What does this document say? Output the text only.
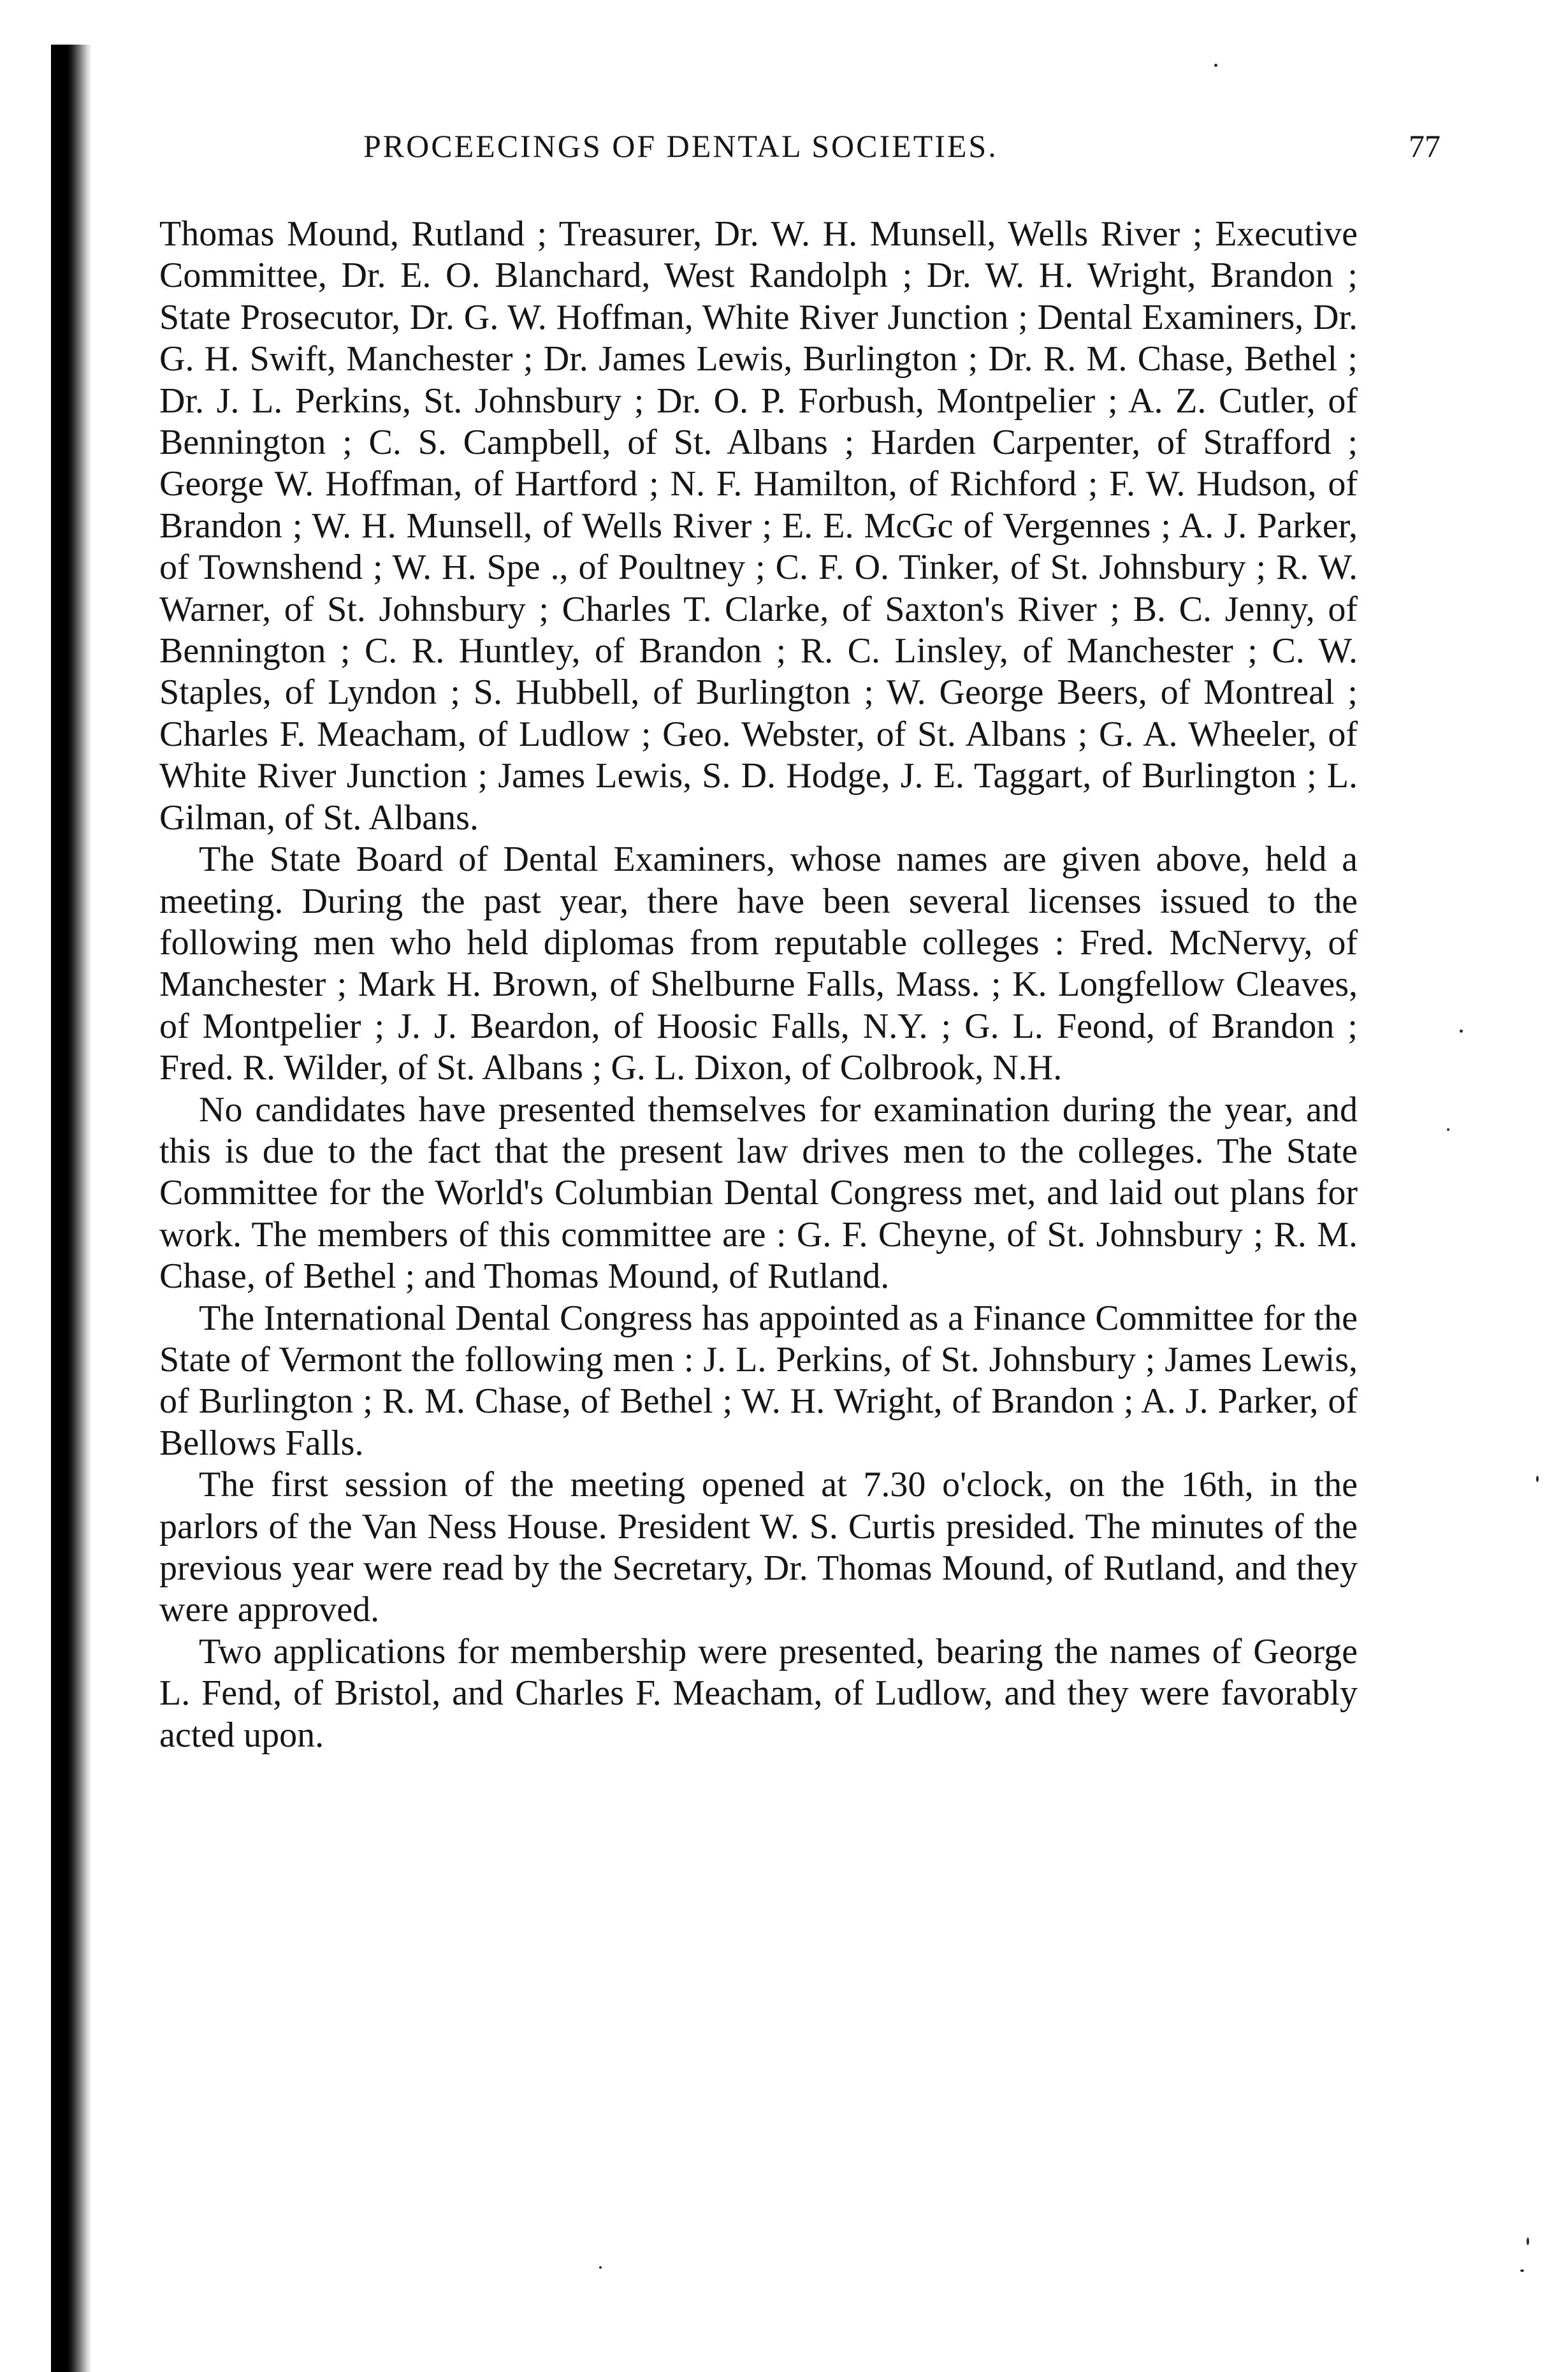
PROCEECINGS OF DENTAL SOCIETIES.	77

Thomas Mound, Rutland ; Treasurer, Dr. W. H. Munsell, Wells River ; Executive Committee, Dr. E. O. Blanchard, West Randolph ; Dr. W. H. Wright, Brandon ; State Prosecutor, Dr. G. W. Hoffman, White River Junction ; Dental Examiners, Dr. G. H. Swift, Manchester ; Dr. James Lewis, Burlington ; Dr. R. M. Chase, Bethel ; Dr. J. L. Perkins, St. Johnsbury ; Dr. O. P. Forbush, Montpelier ; A. Z. Cutler, of Bennington ; C. S. Campbell, of St. Albans ; Harden Carpenter, of Strafford ; George W. Hoffman, of Hartford ; N. F. Hamilton, of Richford ; F. W. Hudson, of Brandon ; W. H. Munsell, of Wells River ; E. E. McGc of Vergennes ; A. J. Parker, of Townshend ; W. H. Spe ., of Poultney ; C. F. O. Tinker, of St. Johnsbury ; R. W. Warner, of St. Johnsbury ; Charles T. Clarke, of Saxton's River ; B. C. Jenny, of Bennington ; C. R. Huntley, of Brandon ; R. C. Linsley, of Manchester ; C. W. Staples, of Lyndon ; S. Hubbell, of Burlington ; W. George Beers, of Montreal ; Charles F. Meacham, of Ludlow ; Geo. Webster, of St. Albans ; G. A. Wheeler, of White River Junction ; James Lewis, S. D. Hodge, J. E. Taggart, of Burlington ; L. Gilman, of St. Albans.

The State Board of Dental Examiners, whose names are given above, held a meeting. During the past year, there have been several licenses issued to the following men who held diplomas from reputable colleges : Fred. McNervy, of Manchester ; Mark H. Brown, of Shelburne Falls, Mass. ; K. Longfellow Cleaves, of Montpelier ; J. J. Beardon, of Hoosic Falls, N.Y. ; G. L. Feond, of Brandon ; Fred. R. Wilder, of St. Albans ; G. L. Dixon, of Colbrook, N.H.

No candidates have presented themselves for examination during the year, and this is due to the fact that the present law drives men to the colleges. The State Committee for the World's Columbian Dental Congress met, and laid out plans for work. The members of this committee are : G. F. Cheyne, of St. Johnsbury ; R. M. Chase, of Bethel ; and Thomas Mound, of Rutland.

The International Dental Congress has appointed as a Finance Committee for the State of Vermont the following men : J. L. Perkins, of St. Johnsbury ; James Lewis, of Burlington ; R. M. Chase, of Bethel ; W. H. Wright, of Brandon ; A. J. Parker, of Bellows Falls.

The first session of the meeting opened at 7.30 o'clock, on the 16th, in the parlors of the Van Ness House. President W. S. Curtis presided. The minutes of the previous year were read by the Secretary, Dr. Thomas Mound, of Rutland, and they were approved.

Two applications for membership were presented, bearing the names of George L. Fend, of Bristol, and Charles F. Meacham, of Ludlow, and they were favorably acted upon.
